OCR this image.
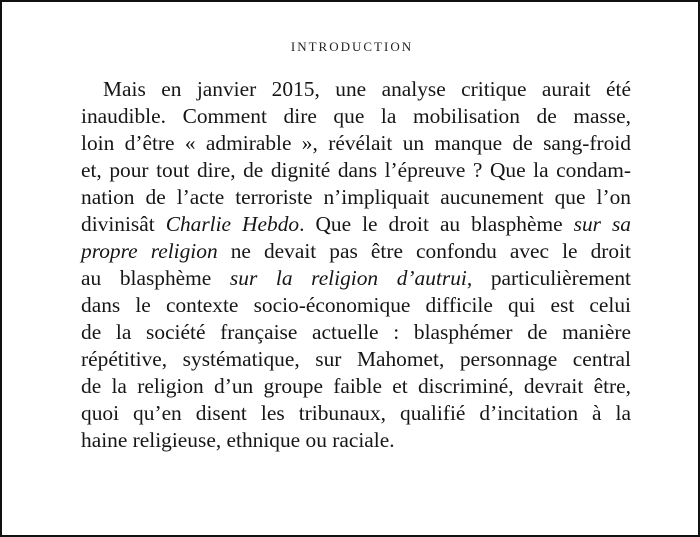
INTRODUCTION
Mais en janvier 2015, une analyse critique aurait été
inaudible. Comment dire que la mobilisation de masse,
loin d’être « admirable », révélait un manque de sang-froid
et, pour tout dire, de dignité dans l’épreuve ? Que la condam-
nation de l’acte terroriste n’impliquait aucunement que l’on
divinisât Charlie Hebdo. Que le droit au blasphème sur sa
propre religion ne devait pas être confondu avec le droit
au blasphème sur la religion d’autrui, particulièrement
dans le contexte socio-économique difficile qui est celui
de la société française actuelle : blasphémer de manière
répétitive, systématique, sur Mahomet, personnage central
de la religion d’un groupe faible et discriminé, devrait être,
quoi qu’en disent les tribunaux, qualifié d’incitation à la
haine religieuse, ethnique ou raciale.
